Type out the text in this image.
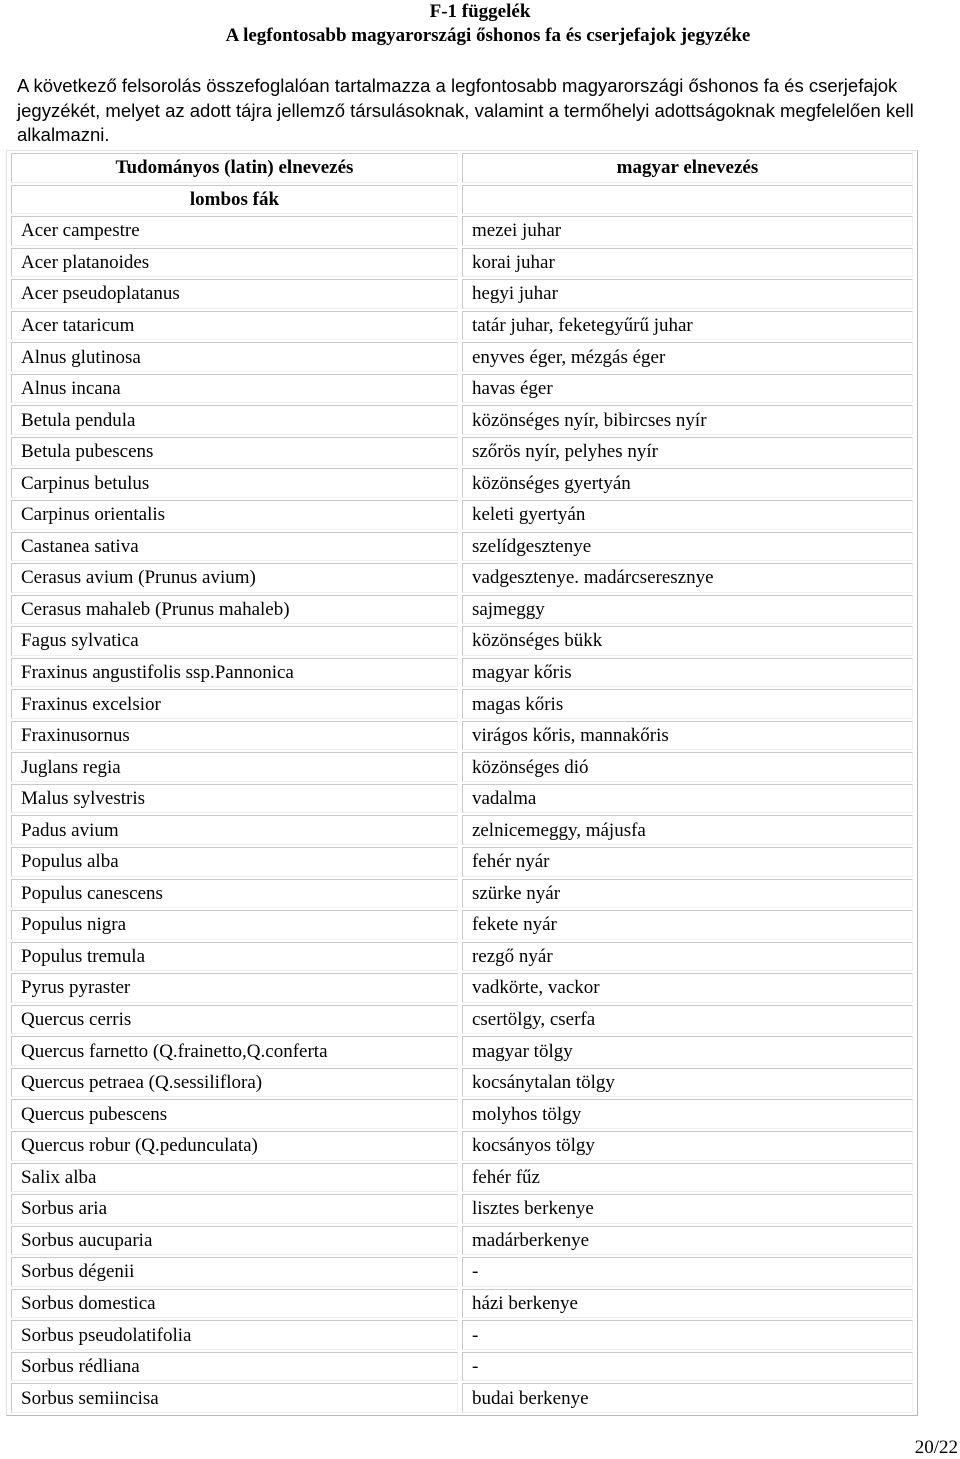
F-1 függelék
A legfontosabb magyarországi őshonos fa és cserjefajok jegyzéke
A következő felsorolás összefoglalóan tartalmazza a legfontosabb magyarországi őshonos fa és cserjefajok jegyzékét, melyet az adott tájra jellemző társulásoknak, valamint a termőhelyi adottságoknak megfelelően kell alkalmazni.
Tudományos (latin) elnevezés	magyar elnevezés
lombos fák	
Acer campestre	mezei juhar
Acer platanoides	korai juhar
Acer pseudoplatanus	hegyi juhar
Acer tataricum	tatár juhar, feketegyűrű juhar
Alnus glutinosa	enyves éger, mézgás éger
Alnus incana	havas éger
Betula pendula	közönséges nyír, bibircses nyír
Betula pubescens	szőrös nyír, pelyhes nyír
Carpinus betulus	közönséges gyertyán
Carpinus orientalis	keleti gyertyán
Castanea sativa	szelídgesztenye
Cerasus avium (Prunus avium)	vadgesztenye. madárcseresznye
Cerasus mahaleb (Prunus mahaleb)	sajmeggy
Fagus sylvatica	közönséges bükk
Fraxinus angustifolis ssp.Pannonica	magyar kőris
Fraxinus excelsior	magas kőris
Fraxinusornus	virágos kőris, mannakőris
Juglans regia	közönséges dió
Malus sylvestris	vadalma
Padus avium	zelnicemeggy, májusfa
Populus alba	fehér nyár
Populus canescens	szürke nyár
Populus nigra	fekete nyár
Populus tremula	rezgő nyár
Pyrus pyraster	vadkörte, vackor
Quercus cerris	csertölgy, cserfa
Quercus farnetto (Q.frainetto,Q.conferta	magyar tölgy
Quercus petraea (Q.sessiliflora)	kocsánytalan tölgy
Quercus pubescens	molyhos tölgy
Quercus robur (Q.pedunculata)	kocsányos tölgy
Salix alba	fehér fűz
Sorbus aria	lisztes berkenye
Sorbus aucuparia	madárberkenye
Sorbus dégenii	-
Sorbus domestica	házi berkenye
Sorbus pseudolatifolia	-
Sorbus rédliana	-
Sorbus semiincisa	budai berkenye
20/22
